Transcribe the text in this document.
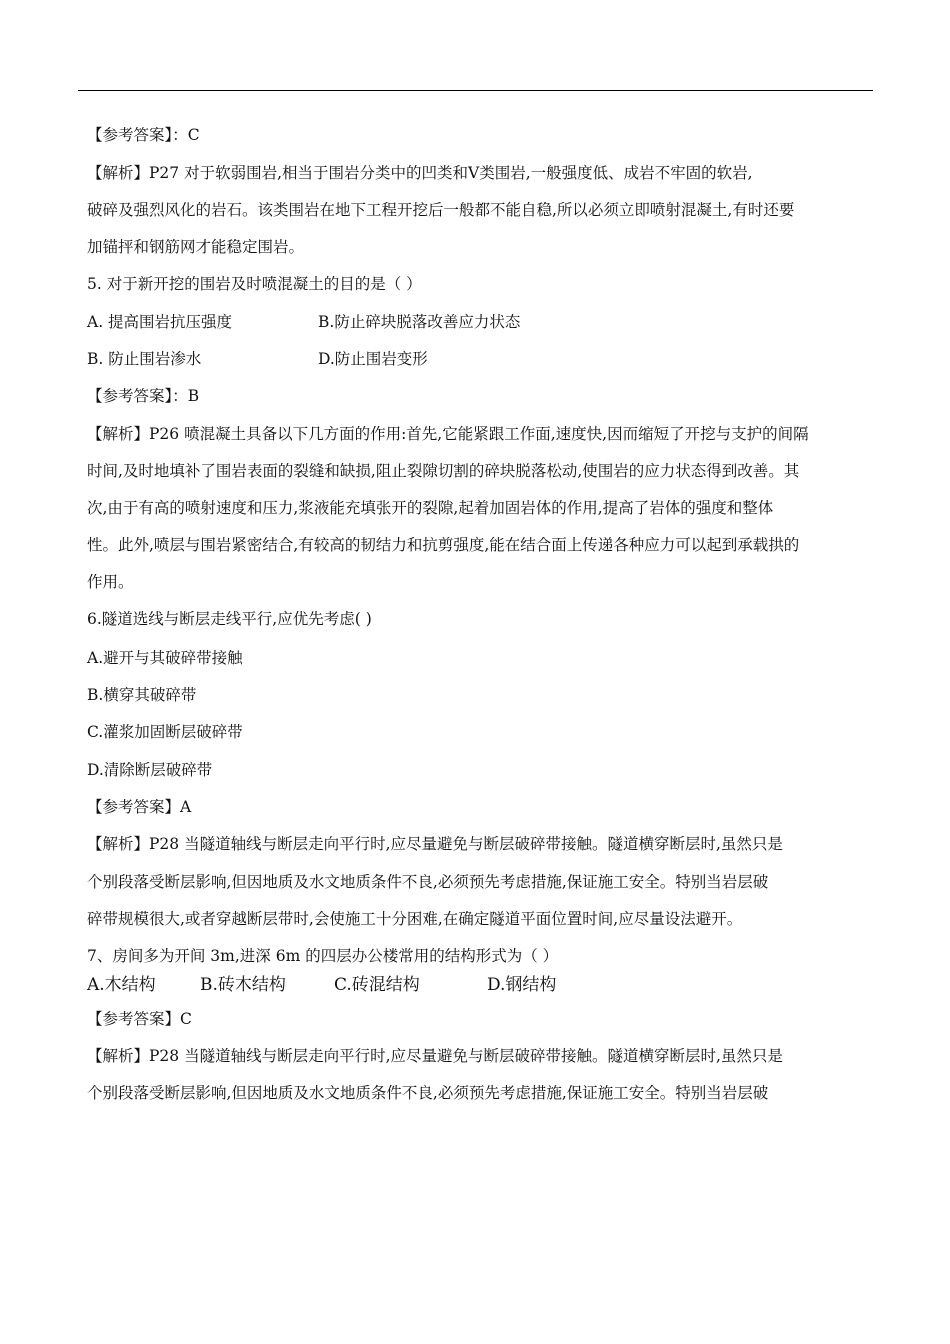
【参考答案】：C
【解析】P27 对于软弱围岩,相当于围岩分类中的凹类和Ⅴ类围岩,一般强度低、成岩不牢固的软岩,
破碎及强烈风化的岩石。该类围岩在地下工程开挖后一般都不能自稳,所以必须立即喷射混凝土,有时还要
加锚抨和钢筋网才能稳定围岩。
5. 对于新开挖的围岩及时喷混凝土的目的是（ ）
A. 提高围岩抗压强度	B.防止碎块脱落改善应力状态
B. 防止围岩渗水	D.防止围岩变形
【参考答案】：B
【解析】P26 喷混凝土具备以下几方面的作用:首先,它能紧跟工作面,速度快,因而缩短了开挖与支护的间隔
时间,及时地填补了围岩表面的裂缝和缺损,阻止裂隙切割的碎块脱落松动,使围岩的应力状态得到改善。其
次,由于有高的喷射速度和压力,浆液能充填张开的裂隙,起着加固岩体的作用,提高了岩体的强度和整体
性。此外,喷层与围岩紧密结合,有较高的韧结力和抗剪强度,能在结合面上传递各种应力可以起到承载拱的
作用。
6.隧道选线与断层走线平行,应优先考虑( )
A.避开与其破碎带接触
B.横穿其破碎带
C.灌浆加固断层破碎带
D.清除断层破碎带
【参考答案】A
【解析】P28 当隧道轴线与断层走向平行时,应尽量避免与断层破碎带接触。隧道横穿断层时,虽然只是
个别段落受断层影响,但因地质及水文地质条件不良,必须预先考虑措施,保证施工安全。特别当岩层破
碎带规模很大,或者穿越断层带时,会使施工十分困难,在确定隧道平面位置时间,应尽量设法避开。
7、房间多为开间 3m,进深 6m 的四层办公楼常用的结构形式为（ ）
A.木结构	B.砖木结构	C.砖混结构	D.钢结构
【参考答案】C
【解析】P28 当隧道轴线与断层走向平行时,应尽量避免与断层破碎带接触。隧道横穿断层时,虽然只是
个别段落受断层影响,但因地质及水文地质条件不良,必须预先考虑措施,保证施工安全。特别当岩层破
